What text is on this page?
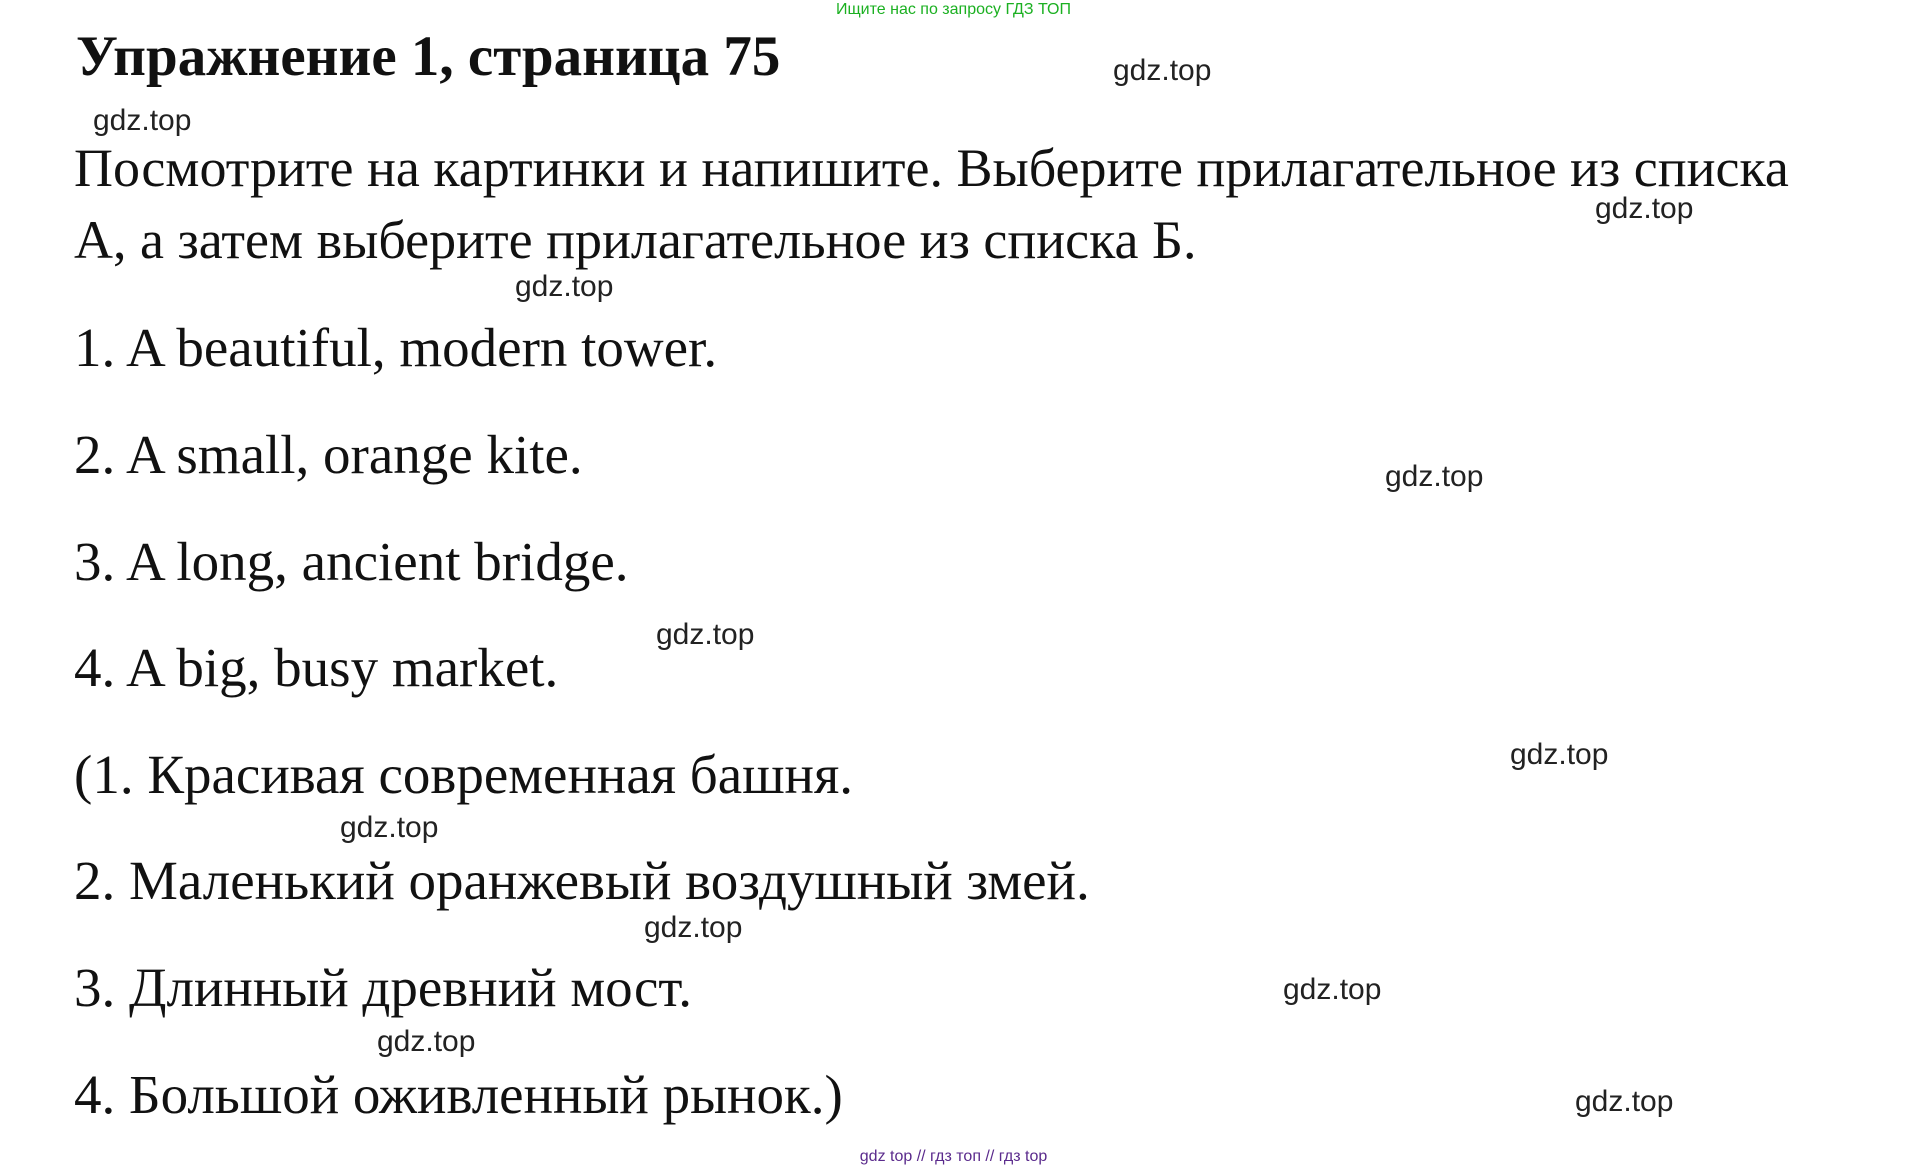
Ищите нас по запросу ГДЗ ТОП
Упражнение 1, страница 75
Посмотрите на картинки и напишите. Выберите прилагательное из списка А, а затем выберите прилагательное из списка Б.
1. A beautiful, modern tower.
2. A small, orange kite.
3. A long, ancient bridge.
4. A big, busy market.
(1. Красивая современная башня.
2. Маленький оранжевый воздушный змей.
3. Длинный древний мост.
4. Большой оживленный рынок.)
gdz.top
gdz.top
gdz.top
gdz.top
gdz.top
gdz.top
gdz.top
gdz.top
gdz.top
gdz.top
gdz.top
gdz.top
gdz top // гдз топ // гдз top
